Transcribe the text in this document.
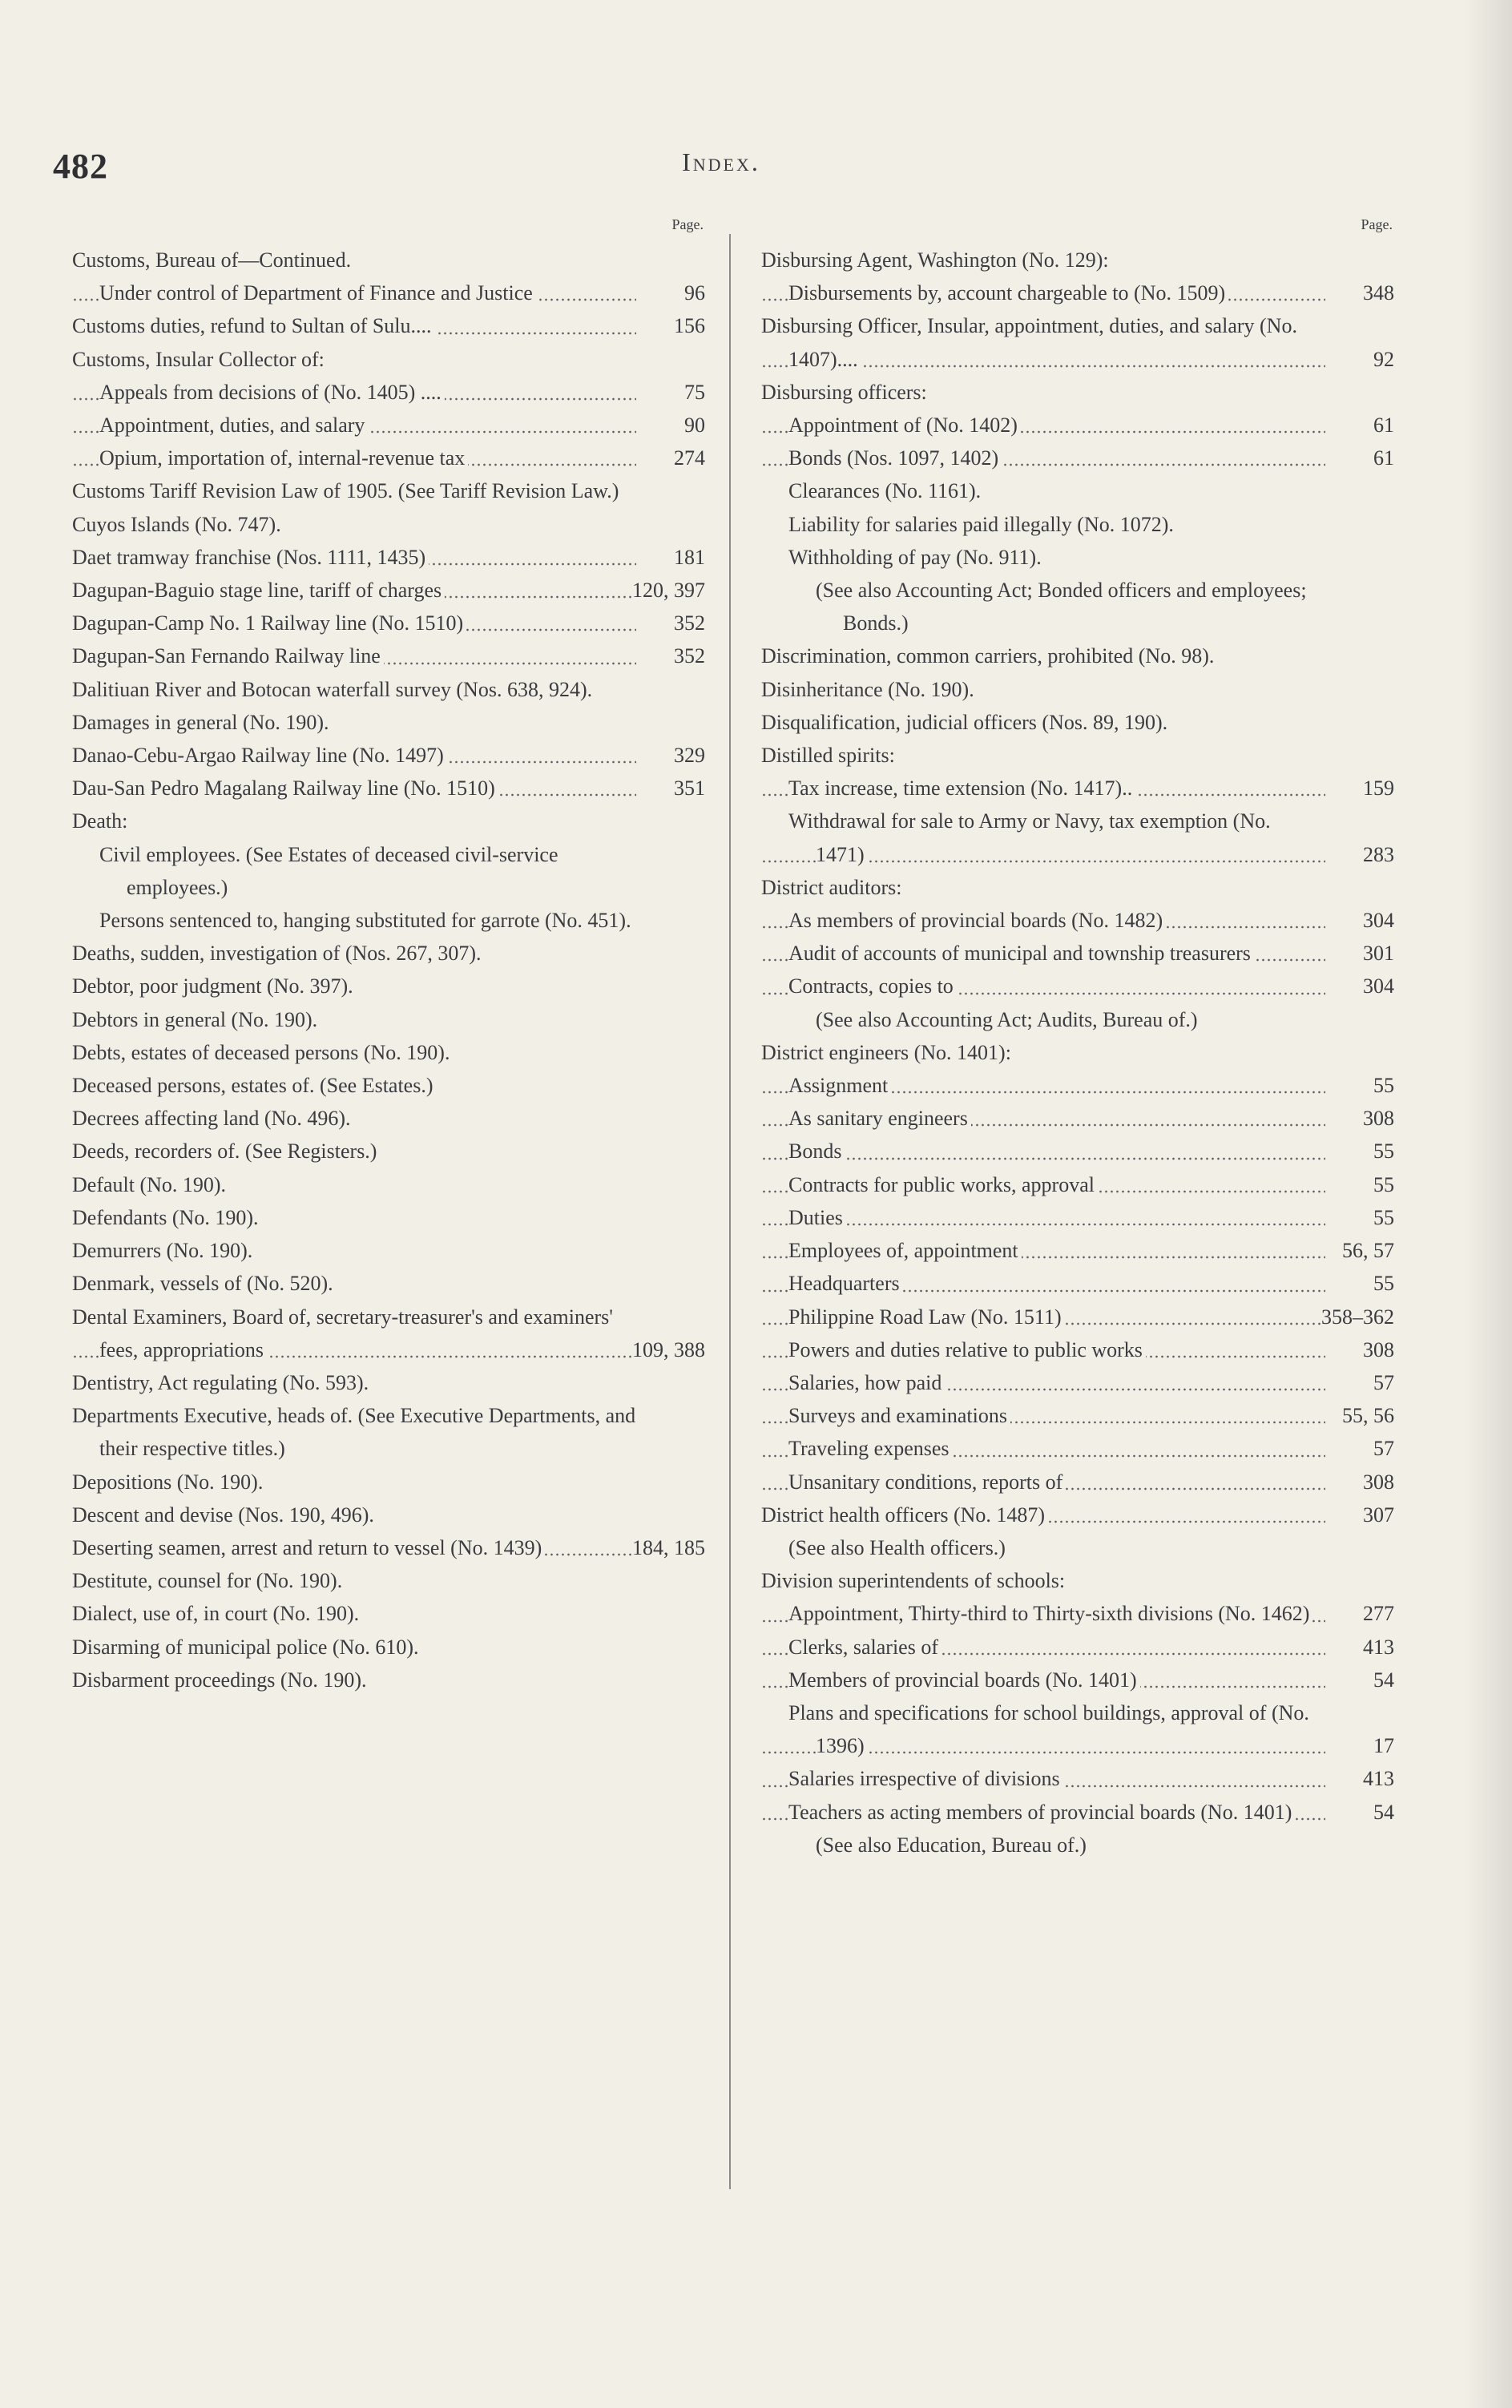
482	Index.
Page.
Customs, Bureau of—Continued.
Under control of Department of Finance and Justice	96
Customs duties, refund to Sultan of Sulu....	156
Customs, Insular Collector of:
Appeals from decisions of (No. 1405) ....	75
Appointment, duties, and salary	90
Opium, importation of, internal-revenue tax	274
Customs Tariff Revision Law of 1905. (See Tariff Revision Law.)
Cuyos Islands (No. 747).
Daet tramway franchise (Nos. 1111, 1435)	181
Dagupan-Baguio stage line, tariff of charges	120, 397
Dagupan-Camp No. 1 Railway line (No. 1510)	352
Dagupan-San Fernando Railway line	352
Dalitiuan River and Botocan waterfall survey (Nos. 638, 924).
Damages in general (No. 190).
Danao-Cebu-Argao Railway line (No. 1497)	329
Dau-San Pedro Magalang Railway line (No. 1510)	351
Death:
Civil employees. (See Estates of deceased civil-service employees.)
Persons sentenced to, hanging substituted for garrote (No. 451).
Deaths, sudden, investigation of (Nos. 267, 307).
Debtor, poor judgment (No. 397).
Debtors in general (No. 190).
Debts, estates of deceased persons (No. 190).
Deceased persons, estates of. (See Estates.)
Decrees affecting land (No. 496).
Deeds, recorders of. (See Registers.)
Default (No. 190).
Defendants (No. 190).
Demurrers (No. 190).
Denmark, vessels of (No. 520).
Dental Examiners, Board of, secretary-treasurer's and examiners' fees, appropriations	109, 388
Dentistry, Act regulating (No. 593).
Departments Executive, heads of. (See Executive Departments, and their respective titles.)
Depositions (No. 190).
Descent and devise (Nos. 190, 496).
Deserting seamen, arrest and return to vessel (No. 1439)	184, 185
Destitute, counsel for (No. 190).
Dialect, use of, in court (No. 190).
Disarming of municipal police (No. 610).
Disbarment proceedings (No. 190).
Page.
Disbursing Agent, Washington (No. 129):
Disbursements by, account chargeable to (No. 1509)	348
Disbursing Officer, Insular, appointment, duties, and salary (No. 1407)....	92
Disbursing officers:
Appointment of (No. 1402)	61
Bonds (Nos. 1097, 1402)	61
Clearances (No. 1161).
Liability for salaries paid illegally (No. 1072).
Withholding of pay (No. 911).
(See also Accounting Act; Bonded officers and employees; Bonds.)
Discrimination, common carriers, prohibited (No. 98).
Disinheritance (No. 190).
Disqualification, judicial officers (Nos. 89, 190).
Distilled spirits:
Tax increase, time extension (No. 1417)..	159
Withdrawal for sale to Army or Navy, tax exemption (No. 1471)	283
District auditors:
As members of provincial boards (No. 1482)	304
Audit of accounts of municipal and township treasurers	301
Contracts, copies to	304
(See also Accounting Act; Audits, Bureau of.)
District engineers (No. 1401):
Assignment	55
As sanitary engineers	308
Bonds	55
Contracts for public works, approval	55
Duties	55
Employees of, appointment	56, 57
Headquarters	55
Philippine Road Law (No. 1511)	358–362
Powers and duties relative to public works	308
Salaries, how paid	57
Surveys and examinations	55, 56
Traveling expenses	57
Unsanitary conditions, reports of	308
District health officers (No. 1487)	307
(See also Health officers.)
Division superintendents of schools:
Appointment, Thirty-third to Thirty-sixth divisions (No. 1462)	277
Clerks, salaries of	413
Members of provincial boards (No. 1401)	54
Plans and specifications for school buildings, approval of (No. 1396)	17
Salaries irrespective of divisions	413
Teachers as acting members of provincial boards (No. 1401)	54
(See also Education, Bureau of.)
